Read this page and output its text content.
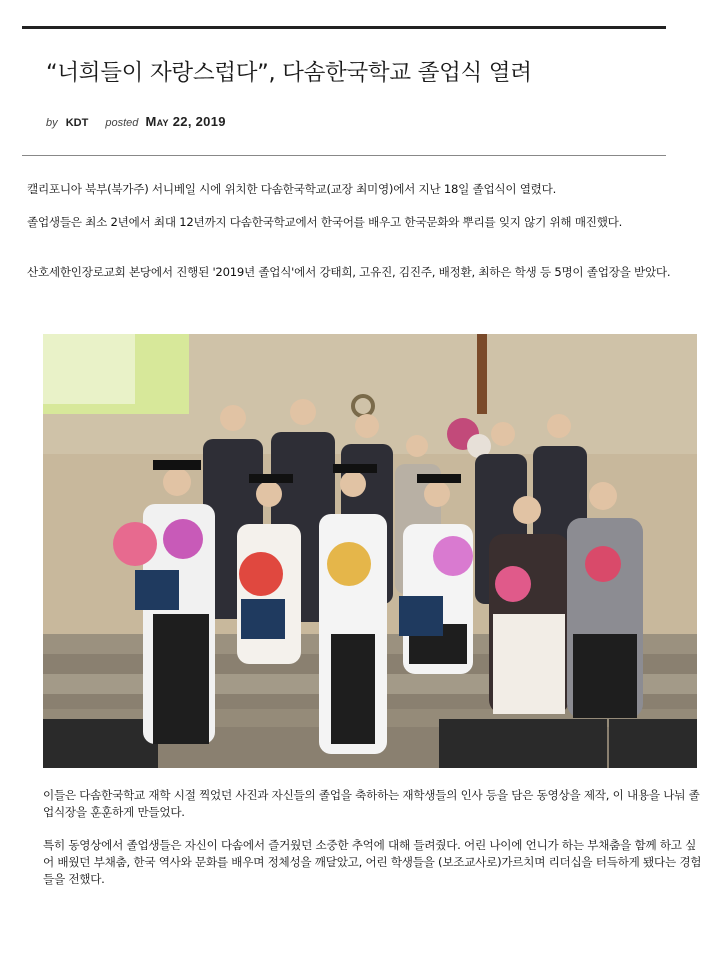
“너희들이 자랑스럽다”, 다솜한국학교 졸업식 열려
by KDT posted May 22, 2019

캘리포니아 북부(북가주) 서니베일 시에 위치한 다솜한국학교(교장 최미영)에서 지난 18일 졸업식이 열렸다.

졸업생들은 최소 2년에서 최대 12년까지 다솜한국학교에서 한국어를 배우고 한국문화와 뿌리를 잊지 않기 위해 매진했다.

산호세한인장로교회 본당에서 진행된 '2019년 졸업식'에서 강태희, 고유진, 김진주, 배정환, 최하은 학생 등 5명이 졸업장을 받았다.

이들은 다솜한국학교 재학 시절 찍었던 사진과 자신들의 졸업을 축하하는 재학생들의 인사 등을 담은 동영상을 제작, 이 내용을 나눠 졸업식장을 훈훈하게 만들었다.

특히 동영상에서 졸업생들은 자신이 다솜에서 즐거웠던 소중한 추억에 대해 들려줬다. 어린 나이에 언니가 하는 부채춤을 함께 하고 싶어 배웠던 부채춤, 한국 역사와 문화를 배우며 정체성을 깨달았고, 어린 학생들을 (보조교사로)가르치며 리더십을 터득하게 됐다는 경험들을 전했다.
